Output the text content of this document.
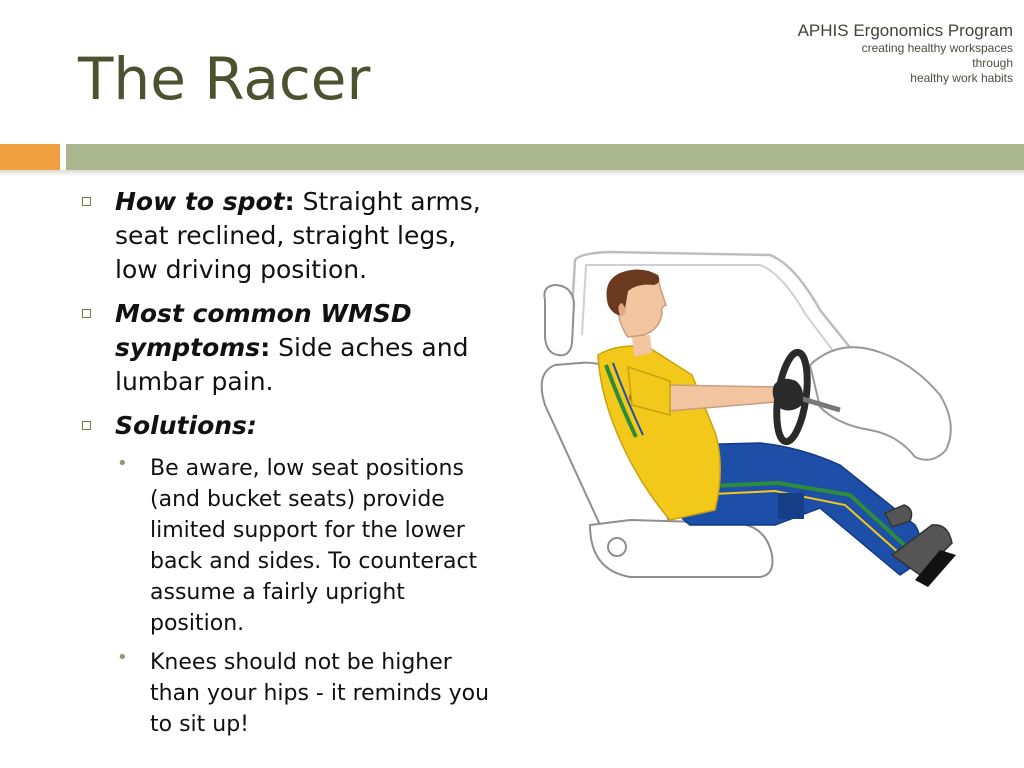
The Racer
APHIS Ergonomics Program
creating healthy workspaces
through
healthy work habits
How to spot: Straight arms, seat reclined, straight legs, low driving position.
Most common WMSD symptoms: Side aches and lumbar pain.
Solutions:
• Be aware, low seat positions (and bucket seats) provide limited support for the lower back and sides. To counteract assume a fairly upright position.
• Knees should not be higher than your hips - it reminds you to sit up!
